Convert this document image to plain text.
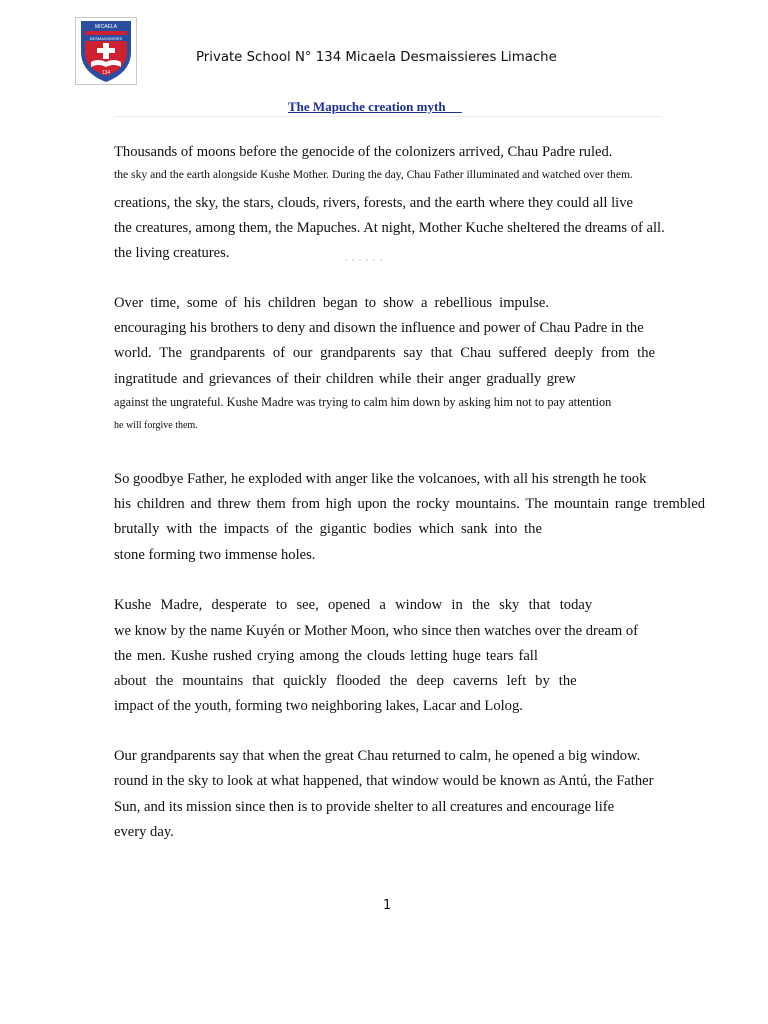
MICAELA
DESMAISSIERES
134
Private School N° 134 Micaela Desmaissieres Limache
The Mapuche creation myth
Thousands of moons before the genocide of the colonizers arrived, Chau Padre ruled.
the sky and the earth alongside Kushe Mother. During the day, Chau Father illuminated and watched over them.
creations, the sky, the stars, clouds, rivers, forests, and the earth where they could all live
the creatures, among them, the Mapuches. At night, Mother Kuche sheltered the dreams of all.
the living creatures.
Over time, some of his children began to show a rebellious impulse.
encouraging his brothers to deny and disown the influence and power of Chau Padre in the
world. The grandparents of our grandparents say that Chau suffered deeply from the
ingratitude and grievances of their children while their anger gradually grew
against the ungrateful. Kushe Madre was trying to calm him down by asking him not to pay attention
he will forgive them.
So goodbye Father, he exploded with anger like the volcanoes, with all his strength he took
his children and threw them from high upon the rocky mountains. The mountain range trembled
brutally with the impacts of the gigantic bodies which sank into the
stone forming two immense holes.
Kushe Madre, desperate to see, opened a window in the sky that today
we know by the name Kuyén or Mother Moon, who since then watches over the dream of
the men. Kushe rushed crying among the clouds letting huge tears fall
about the mountains that quickly flooded the deep caverns left by the
impact of the youth, forming two neighboring lakes, Lacar and Lolog.
Our grandparents say that when the great Chau returned to calm, he opened a big window.
round in the sky to look at what happened, that window would be known as Antú, the Father
Sun, and its mission since then is to provide shelter to all creatures and encourage life
every day.
1
